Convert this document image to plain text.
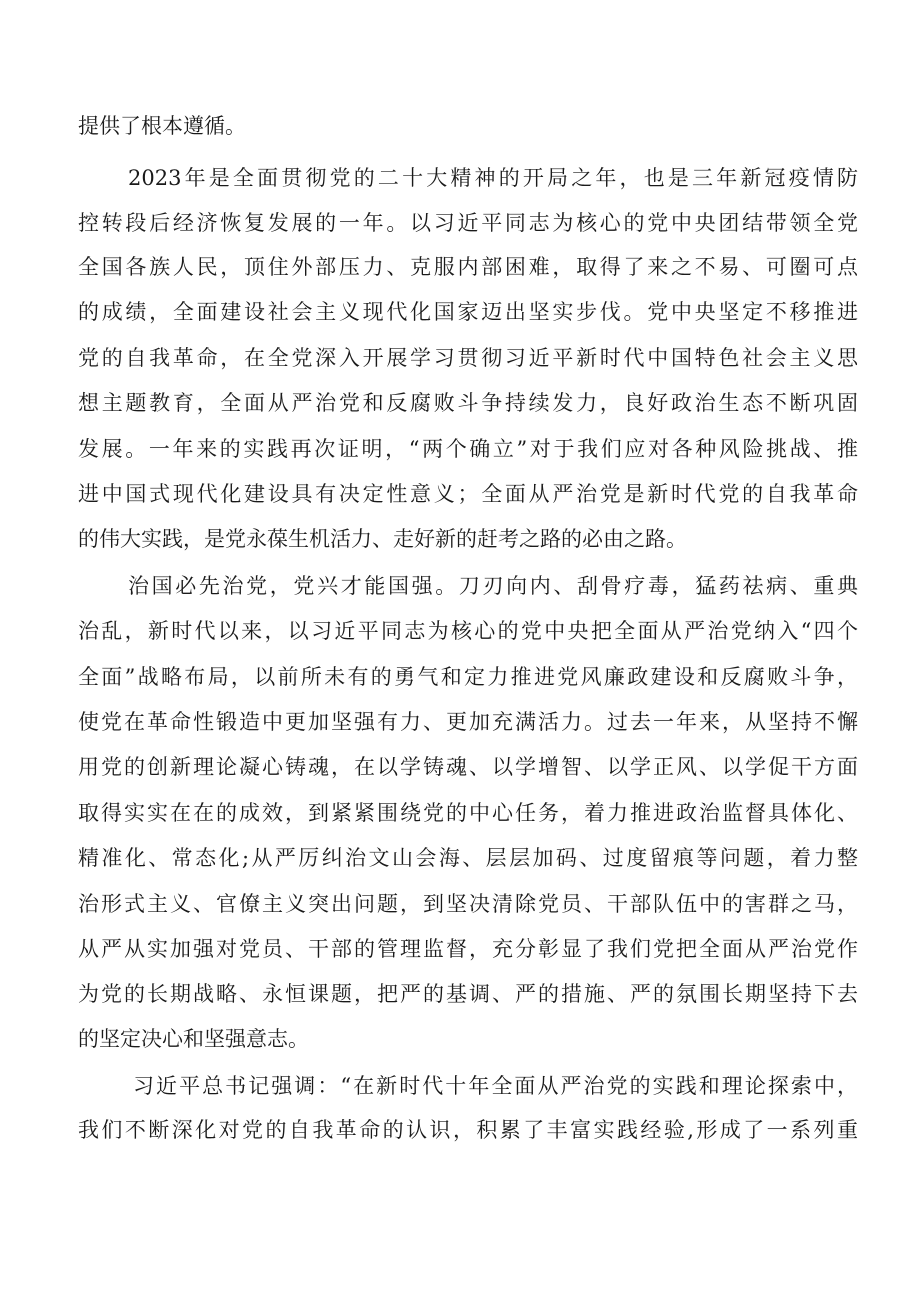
提供了根本遵循。
2023年是全面贯彻党的二十大精神的开局之年，也是三年新冠疫情防
控转段后经济恢复发展的一年。以习近平同志为核心的党中央团结带领全党
全国各族人民，顶住外部压力、克服内部困难，取得了来之不易、可圈可点
的成绩，全面建设社会主义现代化国家迈出坚实步伐。党中央坚定不移推进
党的自我革命，在全党深入开展学习贯彻习近平新时代中国特色社会主义思
想主题教育，全面从严治党和反腐败斗争持续发力，良好政治生态不断巩固
发展。一年来的实践再次证明，“两个确立”对于我们应对各种风险挑战、推
进中国式现代化建设具有决定性意义；全面从严治党是新时代党的自我革命
的伟大实践，是党永葆生机活力、走好新的赶考之路的必由之路。
治国必先治党，党兴才能国强。刀刃向内、刮骨疗毒，猛药祛病、重典
治乱，新时代以来，以习近平同志为核心的党中央把全面从严治党纳入“四个
全面”战略布局，以前所未有的勇气和定力推进党风廉政建设和反腐败斗争，
使党在革命性锻造中更加坚强有力、更加充满活力。过去一年来，从坚持不懈
用党的创新理论凝心铸魂，在以学铸魂、以学增智、以学正风、以学促干方面
取得实实在在的成效，到紧紧围绕党的中心任务，着力推进政治监督具体化、
精准化、常态化;从严厉纠治文山会海、层层加码、过度留痕等问题，着力整
治形式主义、官僚主义突出问题，到坚决清除党员、干部队伍中的害群之马，
从严从实加强对党员、干部的管理监督，充分彰显了我们党把全面从严治党作
为党的长期战略、永恒课题，把严的基调、严的措施、严的氛围长期坚持下去
的坚定决心和坚强意志。
习近平总书记强调：“在新时代十年全面从严治党的实践和理论探索中，
我们不断深化对党的自我革命的认识，积累了丰富实践经验,形成了一系列重
